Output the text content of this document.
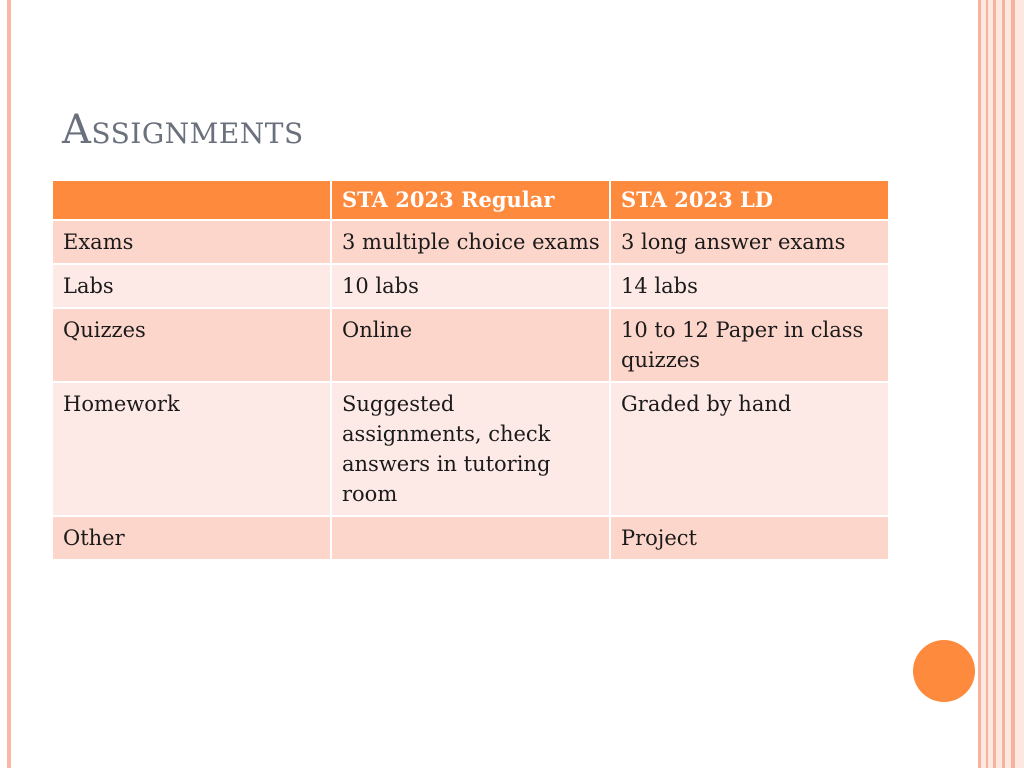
Assignments
	STA 2023 Regular	STA 2023 LD
Exams	3 multiple choice exams	3 long answer exams
Labs	10 labs	14 labs
Quizzes	Online	10 to 12 Paper in class quizzes
Homework	Suggested assignments, check answers in tutoring room	Graded by hand
Other		Project
